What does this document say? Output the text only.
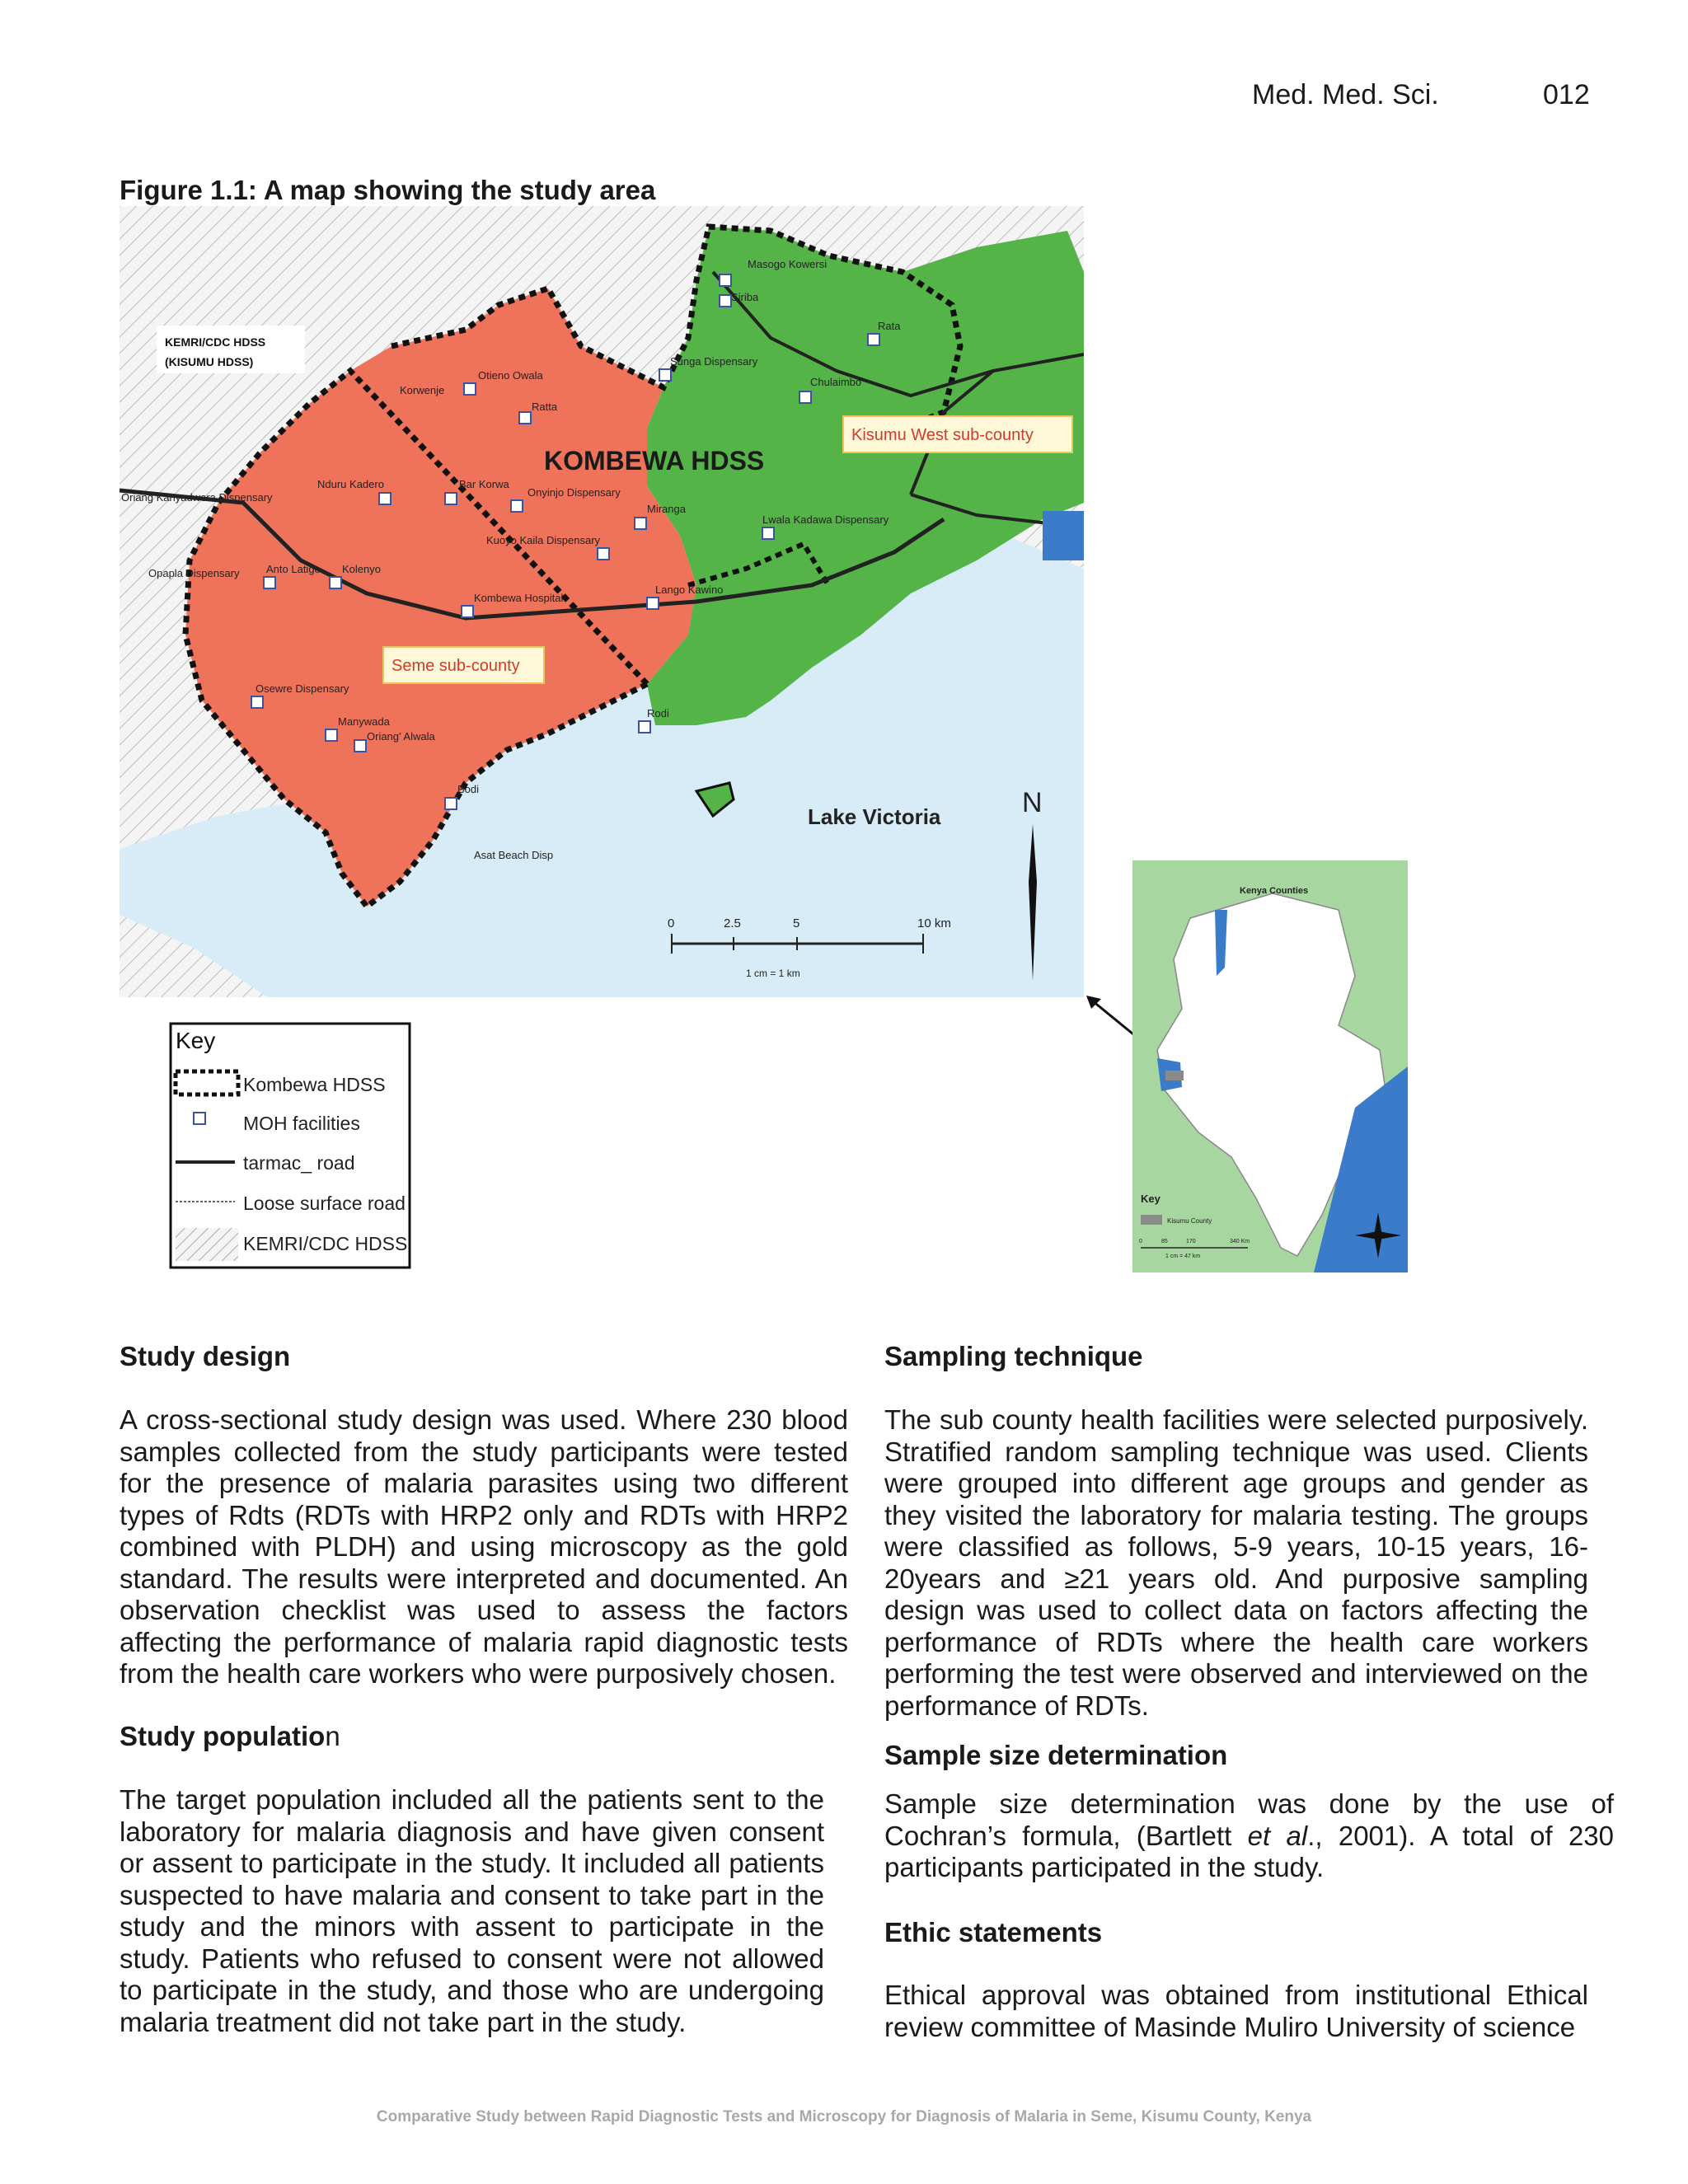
Med. Med. Sci.	012
Figure 1.1: A map showing the study area
KEMRI/CDC HDSS
(KISUMU HDSS)
KOMBEWA HDSS
Kisumu West sub-county
Seme sub-county
Lake Victoria	N
Masogo Kowersi
Siriba
Rata
Sunga Dispensary
Chulaimbo
Otieno Owala
Korwenje
Ratta
Oriang Kanyadwera Dispensary
Nduru Kadero	Bar Korwa
Onyinjo Dispensary
Miranga
Lwala Kadawa Dispensary
Kuoyo Kaila Dispensary
Opapla Dispensary Anto Latigo Kolenyo
Kombewa Hospital
Lango Kawino
Osewre Dispensary
Manywada
Oriang' Alwala
Rodi
Bodi
Asat Beach Disp
0	2.5	5	10 km
1 cm = 1 km
Kenya Counties
Key
Kisumu County
0	85	170	340 Km
1 cm = 47 km
Key
Kombewa HDSS
MOH facilities
tarmac_ road
Loose surface road
KEMRI/CDC HDSS
Study design

A cross-sectional study design was used. Where 230 blood samples collected from the study participants were tested for the presence of malaria parasites using two different types of Rdts (RDTs with HRP2 only and RDTs with HRP2 combined with PLDH) and using microscopy as the gold standard. The results were interpreted and documented. An observation checklist was used to assess the factors affecting the performance of malaria rapid diagnostic tests from the health care workers who were purposively chosen.

Study population

The target population included all the patients sent to the laboratory for malaria diagnosis and have given consent or assent to participate in the study. It included all patients suspected to have malaria and consent to take part in the study and the minors with assent to participate in the study. Patients who refused to consent were not allowed to participate in the study, and those who are undergoing malaria treatment did not take part in the study.

Sampling technique

The sub county health facilities were selected purposively. Stratified random sampling technique was used. Clients were grouped into different age groups and gender as they visited the laboratory for malaria testing. The groups were classified as follows, 5-9 years, 10-15 years, 16-20years and ≥21 years old. And purposive sampling design was used to collect data on factors affecting the performance of RDTs where the health care workers performing the test were observed and interviewed on the performance of RDTs.

Sample size determination

Sample size determination was done by the use of Cochran’s formula, (Bartlett et al., 2001). A total of 230 participants participated in the study.

Ethic statements

Ethical approval was obtained from institutional Ethical review committee of Masinde Muliro University of science

Comparative Study between Rapid Diagnostic Tests and Microscopy for Diagnosis of Malaria in Seme, Kisumu County, Kenya
